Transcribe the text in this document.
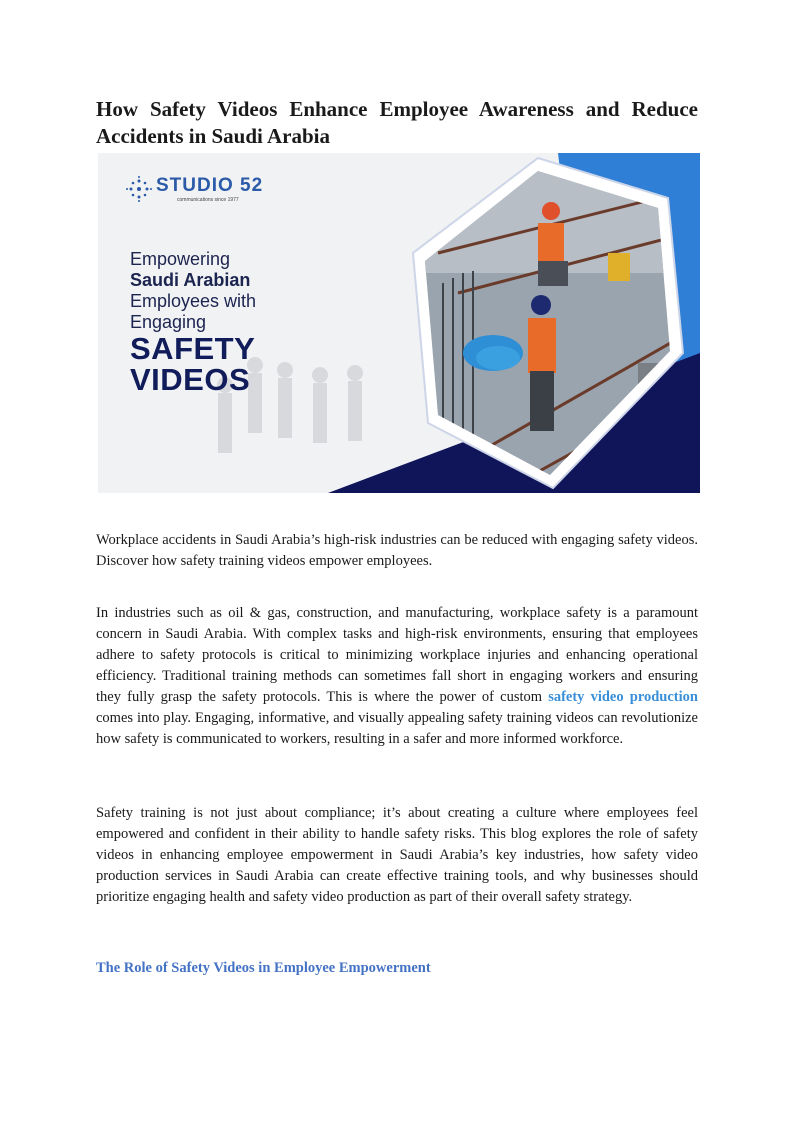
How Safety Videos Enhance Employee Awareness and Reduce Accidents in Saudi Arabia
STUDIO 52
communications since 1977
Empowering
Saudi Arabian
Employees with
Engaging
SAFETY
VIDEOS

Workplace accidents in Saudi Arabia’s high-risk industries can be reduced with engaging safety videos. Discover how safety training videos empower employees.

In industries such as oil & gas, construction, and manufacturing, workplace safety is a paramount concern in Saudi Arabia. With complex tasks and high-risk environments, ensuring that employees adhere to safety protocols is critical to minimizing workplace injuries and enhancing operational efficiency. Traditional training methods can sometimes fall short in engaging workers and ensuring they fully grasp the safety protocols. This is where the power of custom safety video production comes into play. Engaging, informative, and visually appealing safety training videos can revolutionize how safety is communicated to workers, resulting in a safer and more informed workforce.

Safety training is not just about compliance; it’s about creating a culture where employees feel empowered and confident in their ability to handle safety risks. This blog explores the role of safety videos in enhancing employee empowerment in Saudi Arabia’s key industries, how safety video production services in Saudi Arabia can create effective training tools, and why businesses should prioritize engaging health and safety video production as part of their overall safety strategy.

The Role of Safety Videos in Employee Empowerment
